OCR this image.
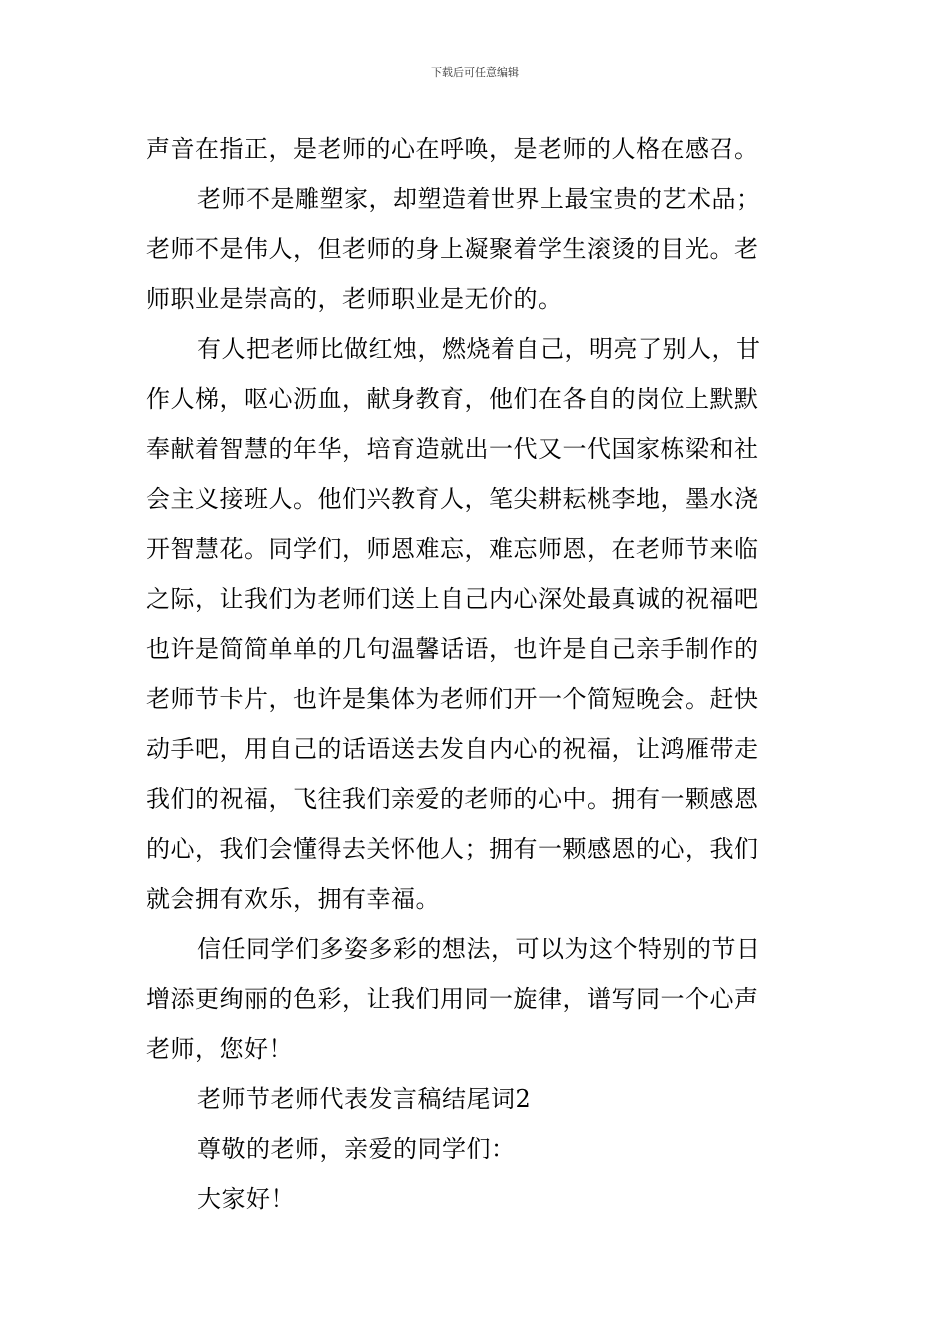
下载后可任意编辑
声音在指正，是老师的心在呼唤，是老师的人格在感召。
老师不是雕塑家，却塑造着世界上最宝贵的艺术品；
老师不是伟人，但老师的身上凝聚着学生滚烫的目光。老
师职业是崇高的，老师职业是无价的。
有人把老师比做红烛，燃烧着自己，明亮了别人，甘
作人梯，呕心沥血，献身教育，他们在各自的岗位上默默
奉献着智慧的年华，培育造就出一代又一代国家栋梁和社
会主义接班人。他们兴教育人，笔尖耕耘桃李地，墨水浇
开智慧花。同学们，师恩难忘，难忘师恩，在老师节来临
之际，让我们为老师们送上自己内心深处最真诚的祝福吧
也许是简简单单的几句温馨话语，也许是自己亲手制作的
老师节卡片，也许是集体为老师们开一个简短晚会。赶快
动手吧，用自己的话语送去发自内心的祝福，让鸿雁带走
我们的祝福，飞往我们亲爱的老师的心中。拥有一颗感恩
的心，我们会懂得去关怀他人；拥有一颗感恩的心，我们
就会拥有欢乐，拥有幸福。
信任同学们多姿多彩的想法，可以为这个特别的节日
增添更绚丽的色彩，让我们用同一旋律，谱写同一个心声
老师，您好！
老师节老师代表发言稿结尾词2
尊敬的老师，亲爱的同学们：
大家好！
